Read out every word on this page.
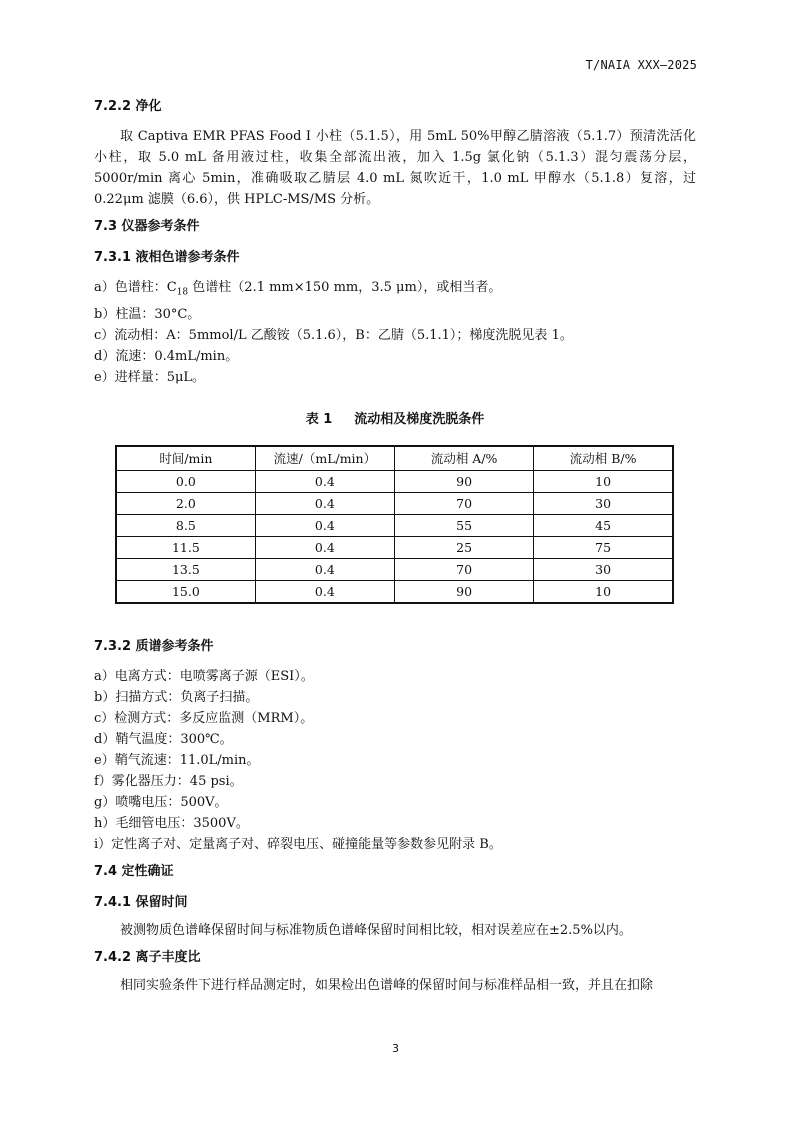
T/NAIA XXX—2025
7.2.2 净化
取 Captiva EMR PFAS Food Ⅰ 小柱（5.1.5），用 5mL 50%甲醇乙腈溶液（5.1.7）预清洗活化小柱，取 5.0 mL 备用液过柱，收集全部流出液，加入 1.5g 氯化钠（5.1.3）混匀震荡分层，5000r/min 离心 5min，准确吸取乙腈层 4.0 mL 氮吹近干，1.0 mL 甲醇水（5.1.8）复溶，过 0.22μm 滤膜（6.6），供 HPLC-MS/MS 分析。
7.3 仪器参考条件
7.3.1 液相色谱参考条件
a）色谱柱：$C_{18}$ 色谱柱（2.1 mm×150 mm，3.5 μm），或相当者。
b）柱温：30°C。
c）流动相：A：5mmol/L 乙酸铵（5.1.6），B：乙腈（5.1.1）；梯度洗脱见表 1。
d）流速：0.4mL/min。
e）进样量：5μL。
表 1 流动相及梯度洗脱条件
时间/min	流速/（mL/min）	流动相 A/%	流动相 B/%
0.0	0.4	90	10
2.0	0.4	70	30
8.5	0.4	55	45
11.5	0.4	25	75
13.5	0.4	70	30
15.0	0.4	90	10
7.3.2 质谱参考条件
a）电离方式：电喷雾离子源（ESI）。
b）扫描方式：负离子扫描。
c）检测方式：多反应监测（MRM）。
d）鞘气温度：300℃。
e）鞘气流速：11.0L/min。
f）雾化器压力：45 psi。
g）喷嘴电压：500V。
h）毛细管电压：3500V。
i）定性离子对、定量离子对、碎裂电压、碰撞能量等参数参见附录 B。
7.4 定性确证
7.4.1 保留时间
被测物质色谱峰保留时间与标准物质色谱峰保留时间相比较，相对误差应在±2.5%以内。
7.4.2 离子丰度比
相同实验条件下进行样品测定时，如果检出色谱峰的保留时间与标准样品相一致，并且在扣除
3
